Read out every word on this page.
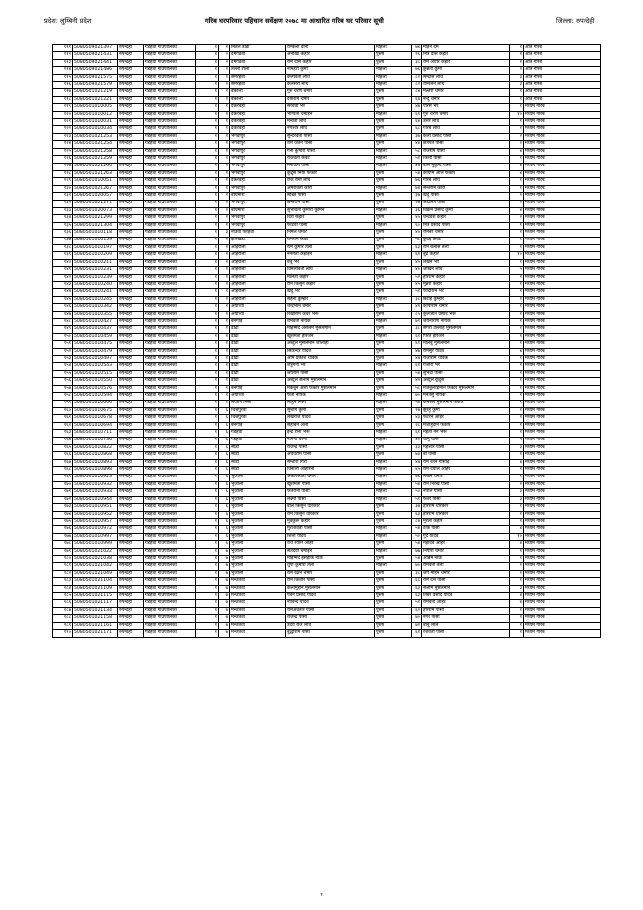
प्रदेश: लुम्बिनी प्रदेश	गरिब घरपरिवार पहिचान सर्वेक्षण २०७८ मा आधारित गरिब घर परिवार सूची	जिल्ला: रुपन्देही
१११	5080509021397	रुपन्देही	गैडहवा गाउँपालिका	१	१	मितल डाँडा	राम्कला दोनी	महिला	७४	मोहन दमै	१	अति गरिब
११२	5080509021431	रुपन्देही	गैडहवा गाउँपालिका	१	२	दमगढवा	अनोखा कहार	पुरुष	२६	मित्र दास कहार	१	अति गरिब
११३	5080509021441	रुपन्देही	गैडहवा गाउँपालिका	१	२	दमगढवा	राम दास कहार	पुरुष	३८	राम अधार कहार	१	अति गरिब
११४	5080509021486	रुपन्देही	गैडहवा गाउँपालिका	१	२	तल्लो टोला	नानहरी कुर्मी	महिला	७६	कुन्नती कुर्मी	२	अति गरिब
११५	5080509021575	रुपन्देही	गैडहवा गाउँपालिका	१	२	सेमरहवा	कलावती लोध	महिला	८२	सम्दास लोध	३	अति गरिब
११६	5080509021579	रुपन्देही	गैडहवा गाउँपालिका	१	२	सेमरहवा	कलसरी लोध	महिला	८२	राम्पलन लोध	३	अति गरिब
११७	5080501021219	रुपन्देही	गैडहवा गाउँपालिका	१	२	बकोली	गुरु चरण चमार	पुरुष	८४	मल्तरी चमार	१	अति गरिब
११८	5080501021221	रुपन्देही	गैडहवा गाउँपालिका	१	२	बकोली	दयाराम चमार	पुरुष	६४	नन्दु चमार	१	अति गरिब
११९	5080501010005	रुपन्देही	गैडहवा गाउँपालिका	१	१	दकरवहा	सरवती भर	पुरुष	४७	पारस भर	१	मध्यम गरिब
१२०	5080501010012	रुपन्देही	गैडहवा गाउँपालिका	१	१	दकरवहा	भाग्यती चमाईन	महिला	६१	गुरु चरण चमार	१०	मध्यम गरिब
१२१	5080501010031	रुपन्देही	गैडहवा गाउँपालिका	१	१	दकरवहा	मन्वती लोध	पुरुष	६४	उत्तर लोध	१	मध्यम गरिब
१२२	5080501010034	रुपन्देही	गैडहवा गाउँपालिका	१	१	दकरवहा	नगेश्वर लोध	पुरुष	६८	गरिब लोध	१	मध्यम गरिब
१२३	5080501021253	रुपन्देही	गैडहवा गाउँपालिका	१	१	भगवापुर	सुन्दरवती पासी	महिला	३७	कली प्रसाद पासी	२	मध्यम गरिब
१२४	5080501021254	रुपन्देही	गैडहवा गाउँपालिका	१	१	भगवापुर	राम जतन पासी	पुरुष	४४	छत्रपत पासी	२	मध्यम गरिब
१२५	5080501021258	रुपन्देही	गैडहवा गाउँपालिका	१	१	भगवापुर	गेना कुमारी पासी	महिला	५८	रजिराम पासी	४	मध्यम गरिब
१२६	5080501021259	रुपन्देही	गैडहवा गाउँपालिका	१	१	भगवापुर	राजवती केवट	महिला	५१	किशी पासी	१	मध्यम गरिब
१२७	5080501021260	रुपन्देही	गैडहवा गाउँपालिका	१	१	भगवापुर	मैनावती पासी	महिला	४४	बाल मुकुन्द पासी	४	मध्यम गरिब
१२८	5080501021263	रुपन्देही	गैडहवा गाउँपालिका	१	१	भगवापुर	कुद्रुस मियाँ फकीर	पुरुष	५४	कायोम अलि फकीर	४	मध्यम गरिब
१२९	5080501010051	रुपन्देही	गैडहवा गाउँपालिका	१	१	दकरवहा	राज रानी लोध	पुरुष	७६	गरिब लोध	१	मध्यम गरिब
१३०	5080501021267	रुपन्देही	गैडहवा गाउँपालिका	१	१	भगवापुर	अमरावती कोरी	महिला	७४	सन्तराम कोरी	१	मध्यम गरिब
१३१	5080501020057	रुपन्देही	गैडहवा गाउँपालिका	१	२	बाघमारा	सोच्छे पासी	पुरुष	३७	खेदु पासी	२	मध्यम गरिब
१३२	5080501021271	रुपन्देही	गैडहवा गाउँपालिका	१	१	भगवापुर	छन्तराम पासी	पुरुष	२७	अदालत पासी	२	मध्यम गरिब
१३३	5080501020073	रुपन्देही	गैडहवा गाउँपालिका	१	२	बाघमारा	सुभावती कुमारी कुर्मिन	महिला	३६	विक्रम प्रसाद कुर्मी	४	मध्यम गरिब
१३४	5080501021299	रुपन्देही	गैडहवा गाउँपालिका	१	१	भगवापुर	दिरो कहार	पुरुष	४५	चन्द्रवेश कहार	२	मध्यम गरिब
१३५	5080501021304	रुपन्देही	गैडहवा गाउँपालिका	१	१	भगवापुर	फाटवा पासी	महिला	६०	मित्र प्रसाद पासी	१	मध्यम गरिब
१३६	5080501010118	रुपन्देही	गैडहवा गाउँपालिका	१	३	नाउवा फरहवा	निर्मल चमार	पुरुष	४०	रामबर चमार	१	मध्यम गरिब
१३७	5080501010159	रुपन्देही	गैडहवा गाउँपालिका	१	१	झारखंडा	रामराम केवट	पुरुष	५८	कुदई केवट	१	मध्यम गरिब
१३८	5080501010197	रुपन्देही	गैडहवा गाउँपालिका	१	१	अहिरौली	राम कुमार तेली	पुरुष	६३	राम बलास तेली	१	मध्यम गरिब
१३९	5080501010209	रुपन्देही	गैडहवा गाउँपालिका	१	१	अहिरौली	नेनमती कहाइन	महिला	६१	बुढे कहार	१०	मध्यम गरिब
१४०	5080501010211	रुपन्देही	गैडहवा गाउँपालिका	१	१	अहिरौली	वेचु भर	पुरुष	४५	लखन भर	१	मध्यम गरिब
१४१	5080501010231	रुपन्देही	गैडहवा गाउँपालिका	१	१	अहिरौली	विमलावती लोध	महिला	४०	जोखन लोध	५	मध्यम गरिब
१४२	5080501010239	रुपन्देही	गैडहवा गाउँपालिका	१	१	अहिरौली	मालती कहार	पुरुष	५२	हरिराम कहार	१	मध्यम गरिब
१४३	5080501010240	रुपन्देही	गैडहवा गाउँपालिका	१	१	अहिरौली	राम किसुन कहार	पुरुष	४५	मुन्नरी कहार	१	मध्यम गरिब
१४४	5080501010241	रुपन्देही	गैडहवा गाउँपालिका	१	१	अहिरौली	खेदु भर	पुरुष	५१	फौदाराम भर	१	मध्यम गरिब
१४५	5080501010245	रुपन्देही	गैडहवा गाउँपालिका	१	१	अहिरौली	सहेना कुम्हार	महिला	३८	छटाई कुम्हार	२	मध्यम गरिब
१४६	5080501010342	रुपन्देही	गैडहवा गाउँपालिका	१	१	अयोध्या	चन्द्रभान चमार	पुरुष	४१	कायोराम चमार	१	मध्यम गरिब
१४७	5080501010355	रुपन्देही	गैडहवा गाउँपालिका	१	१	अयोध्या	रिखीराम कवर भरू	पुरुष	८५	कुलजीत प्रसाद भरू	१	मध्यम गरिब
१४८	5080501010427	रुपन्देही	गैडहवा गाउँपालिका	१	१	बनगाई	रामवती नायक	महिला	७९	जयनाराण नायक	१	मध्यम गरिब
१४९	5080501010437	रुपन्देही	गैडहवा गाउँपालिका	१	१	ढोढी	मोहम्मद असलम मुसलमान	पुरुष	३८	सगरी उल्लाह मुसलमान	१	मध्यम गरिब
१५०	5080501010459	रुपन्देही	गैडहवा गाउँपालिका	१	१	ढोढी	खुशेमती हरिजन	महिला	६१	पिरत हरिजन	१	मध्यम गरिब
१५१	5080501010475	रुपन्देही	गैडहवा गाउँपालिका	१	१	ढोढी	अब्दुल मुसलमान जोलाहा	पुरुष	६१	मोलबु मुसलमान	१	मध्यम गरिब
१५२	5080501010479	रुपन्देही	गैडहवा गाउँपालिका	१	१	ढोढी	सिकन्दर यादव	पुरुष	४७	रामसुर यादव	४	मध्यम गरिब
१५३	5080501010497	रुपन्देही	गैडहवा गाउँपालिका	१	१	ढोढी	ओम प्रकाश धावक	पुरुष	४४	राजाराम धावक	१	मध्यम गरिब
१५४	5080501010543	रुपन्देही	गैडहवा गाउँपालिका	१	१	ढोढी	शत्रुगना भर	महिला	६१	गंजारी भर	१	मध्यम गरिब
१५५	5080501010515	रुपन्देही	गैडहवा गाउँपालिका	१	१	ढोढी	जयराम पासी	पुरुष	५४	सुभद्रा पासी	१	मध्यम गरिब
१५६	5080501010550	रुपन्देही	गैडहवा गाउँपालिका	१	१	ढोढी	अब्दुल सलाम मुसलमान	पुरुष	४२	अब्दुल कुदुस	१	मध्यम गरिब
१५७	5080501010576	रुपन्देही	गैडहवा गाउँपालिका	१	१	बनगाई	मकबुन अली फकीर मुसलमान	पुरुष	५८	मजबुलरहमान फकीर मुसलमान	१	मध्यम गरिब
१५८	5080501010594	रुपन्देही	गैडहवा गाउँपालिका	१	१	अयोध्या	फती नायक	महिला	७०	मनतेसु नायक	१	मध्यम गरिब
१५९	5080501010606	रुपन्देही	गैडहवा गाउँपालिका	१	१	सप्तान निसा	लाहुन निसा	महिला	५४	कमरुल मुसलमान फकीर	१	मध्यम गरिब
१६०	5080501010675	रुपन्देही	गैडहवा गाउँपालिका	१	६	चित्तपुरवा	सुशीम कुमी	पुरुष	२७	झुरहु कुमी	१	मध्यम गरिब
१६१	5080501010678	रुपन्देही	गैडहवा गाउँपालिका	१	६	चित्तपुरवा	लखराज यादव	पुरुष	४३	फटरन अहिर	१	मध्यम गरिब
१६२	5080501010694	रुपन्देही	गैडहवा गाउँपालिका	१	६	बनगाई	सहाबन अली	पुरुष	२८	मजाहुदीन फकीर	१	मध्यम गरिब
१६३	5080501010711	रुपन्देही	गैडहवा गाउँपालिका	१	६	गैडहवा	इन्द्र रानी भरू	महिला	६१	महती नन भरू	१	मध्यम गरिब
१६४	5080501010736	रुपन्देही	गैडहवा गाउँपालिका	१	६	गैडहवा	नागनी धरनी	महिला	४१	चानु धारू	५	मध्यम गरिब
१६५	5080501010822	रुपन्देही	गैडहवा गाउँपालिका	१	६	साँडी	राजेन्द्र पासी	पुरुष	३३	महेश्वर पासी	३	मध्यम गरिब
१६६	5080501010868	रुपन्देही	गैडहवा गाउँपालिका	१	६	साँडी	अवधराम पासी	पुरुष	७३	बी पासी	१	मध्यम गरिब
१६७	5080501010893	रुपन्देही	गैडहवा गाउँपालिका	१	६	साँडी	सम्तीरा गिरी	महिला	४४	राम रतन गोसाईं	४	मध्यम गरिब
१६८	5080501010898	रुपन्देही	गैडहवा गाउँपालिका	१	६	साँडी	विनाली अहिरिनी	महिला	६५	राम दयाल अहिर	१	मध्यम गरिब
१६९	5080501010923	रुपन्देही	गैडहवा गाउँपालिका	१	६	भुजौली	अकारकाती चमार	महिला	७६	लखन चमार	१	मध्यम गरिब
१७०	5080501010932	रुपन्देही	गैडहवा गाउँपालिका	१	६	भुजौली	खुशेमती पासी	महिला	५४	राम निरेख पासी	२	मध्यम गरिब
१७१	5080501010933	रुपन्देही	गैडहवा गाउँपालिका	१	६	भुजौली	फतरानी पासी	महिला	५०	नेपाल पासी	३	मध्यम गरिब
१७२	5080501010944	रुपन्देही	गैडहवा गाउँपालिका	१	६	भुजौली	लक्ष्मी पासी	महिला	५१	फेतर पासी	३	मध्यम गरिब
१७३	5080501010951	रुपन्देही	गैडहवा गाउँपालिका	१	६	भुजौली	बाल किसुन धरिकार	पुरुष	३७	हरिराम धरिकार	१	मध्यम गरिब
१७४	5080501010952	रुपन्देही	गैडहवा गाउँपालिका	१	६	भुजौली	राम किसुन धरिकार	पुरुष	६३	हरिराम धरिकार	१	मध्यम गरिब
१७५	5080501010957	रुपन्देही	गैडहवा गाउँपालिका	१	६	भुजौली	मुक्कुरू कहार	पुरुष	८४	मुरली कहार	१	मध्यम गरिब
१७६	5080501010972	रुपन्देही	गैडहवा गाउँपालिका	१	६	भुजौली	मुराजवती पासी	महिला	५४	टाके पासी	४	मध्यम गरिब
१७७	5080501010997	रुपन्देही	गैडहवा गाउँपालिका	१	६	भुजौली	शिला यादव	महिला	५०	गुर्दे यादव	१०	मध्यम गरिब
१७८	5080501010999	रुपन्देही	गैडहवा गाउँपालिका	१	६	भुजौली	राधे श्याम अहिर	पुरुष	५४	महादेव अहिर	४	मध्यम गरिब
१७९	5080501021022	रुपन्देही	गैडहवा गाउँपालिका	१	७	भुजौली	सतदेवी चमाइन	महिला	७७	निपारा चमार	१	मध्यम गरिब
१८०	5080501021038	रुपन्देही	गैडहवा गाउँपालिका	१	७	भुजौली	मोहम्मद इसहाक नाऊ	पुरुष	५४	अब्रिम नाऊ	१	मध्यम गरिब
१८१	5080501021042	रुपन्देही	गैडहवा गाउँपालिका	१	७	भुजौली	धुपा कुमारी तेली	महिला	७०	रामवती तेली	२	मध्यम गरिब
१८२	5080501021049	रुपन्देही	गैडहवा गाउँपालिका	१	७	भुजौली	राम रक्षन चमार	पुरुष	३८	जग मोहन चमार	२	मध्यम गरिब
१८३	5080501021104	रुपन्देही	गैडहवा गाउँपालिका	१	७	मन्जेतवा	राम किशोर पासी	पुरुष	६८	राम दत्त पासी	१	मध्यम गरिब
१८४	5080501021109	रुपन्देही	गैडहवा गाउँपालिका	१	७	मन्जेतवा	कलामुद्दीन मुसलमान	पुरुष	६३	सलीम मुसलमान	३	मध्यम गरिब
१८५	5080501021115	रुपन्देही	गैडहवा गाउँपालिका	१	७	मन्जेतवा	पवन प्रसाद यादव	पुरुष	६३	तिबर प्रसाद यादव	४	मध्यम गरिब
१८६	5080501021117	रुपन्देही	गैडहवा गाउँपालिका	१	७	मन्जेतवा	नाविन्द यादव	पुरुष	५१	रामवती अहिर	४	मध्यम गरिब
१८७	5080501021134	रुपन्देही	गैडहवा गाउँपालिका	१	७	मन्जेतवा	रामअवतार पासी	पुरुष	६२	हरिराम पासी	१	मध्यम गरिब
१८८	5080501021158	रुपन्देही	गैडहवा गाउँपालिका	१	७	मन्जेतवा	राजेन्द्र पासी	पुरुष	७०	नगर पासी	१	मध्यम गरिब
१८९	5080501021161	रुपन्देही	गैडहवा गाउँपालिका	१	७	मन्जेतवा	उदय राज लोध	पुरुष	७२	बाबु लाल	१	मध्यम गरिब
१९०	5080501021171	रुपन्देही	गैडहवा गाउँपालिका	१	७	मन्जेतवा	बुद्धीराम पासी	पुरुष	६१	रजवती पासी	१	मध्यम गरिब
१
